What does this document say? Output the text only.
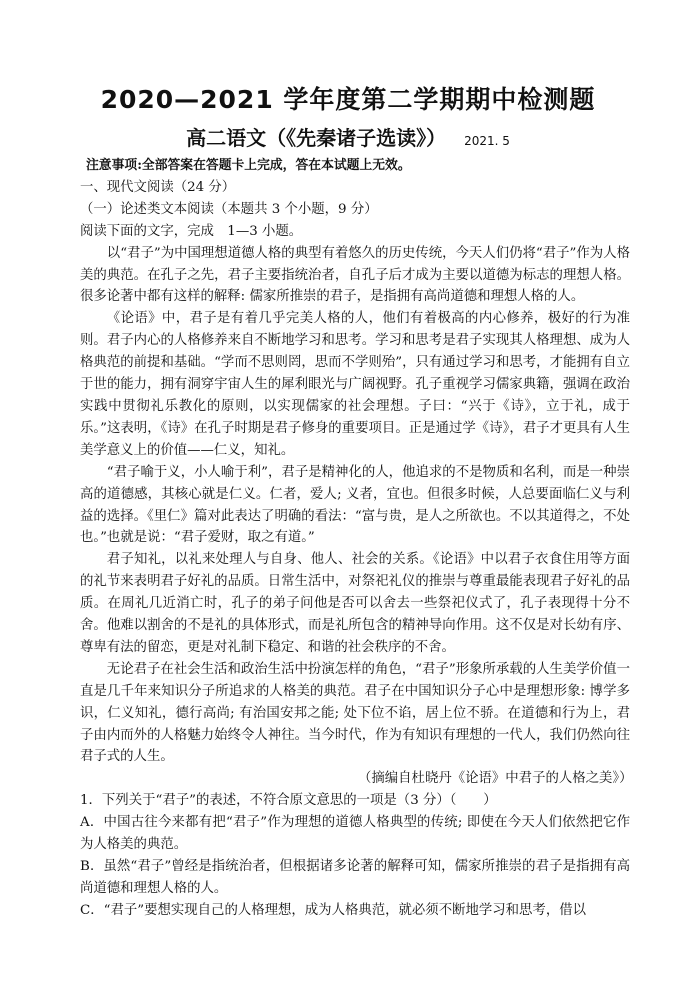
2020—2021 学年度第二学期期中检测题
高二语文（《先秦诸子选读》） 2021. 5

注意事项:全部答案在答题卡上完成，答在本试题上无效。

一、现代文阅读（24 分）

（一）论述类文本阅读（本题共 3 个小题，9 分）

阅读下面的文字，完成　1—3 小题。

以“君子”为中国理想道德人格的典型有着悠久的历史传统，今天人们仍将“君子”作为人格美的典范。在孔子之先，君子主要指统治者，自孔子后才成为主要以道德为标志的理想人格。很多论著中都有这样的解释: 儒家所推崇的君子，是指拥有高尚道德和理想人格的人。

《论语》中，君子是有着几乎完美人格的人，他们有着极高的内心修养，极好的行为准则。君子内心的人格修养来自不断地学习和思考。学习和思考是君子实现其人格理想、成为人格典范的前提和基础。“学而不思则罔，思而不学则殆”，只有通过学习和思考，才能拥有自立于世的能力，拥有洞穿宇宙人生的犀利眼光与广阔视野。孔子重视学习儒家典籍，强调在政治实践中贯彻礼乐教化的原则，以实现儒家的社会理想。子曰：“兴于《诗》，立于礼，成于乐。”这表明，《诗》在孔子时期是君子修身的重要项目。正是通过学《诗》，君子才更具有人生美学意义上的价值——仁义，知礼。

“君子喻于义，小人喻于利”，君子是精神化的人，他追求的不是物质和名利，而是一种崇高的道德感，其核心就是仁义。仁者，爱人; 义者，宜也。但很多时候，人总要面临仁义与利益的选择。《里仁》篇对此表达了明确的看法：“富与贵，是人之所欲也。不以其道得之，不处也。”也就是说：“君子爱财，取之有道。”

君子知礼，以礼来处理人与自身、他人、社会的关系。《论语》中以君子衣食住用等方面的礼节来表明君子好礼的品质。日常生活中，对祭祀礼仪的推崇与尊重最能表现君子好礼的品质。在周礼几近消亡时，孔子的弟子问他是否可以舍去一些祭祀仪式了，孔子表现得十分不舍。他难以割舍的不是礼的具体形式，而是礼所包含的精神导向作用。这不仅是对长幼有序、尊卑有法的留恋，更是对礼制下稳定、和谐的社会秩序的不舍。

无论君子在社会生活和政治生活中扮演怎样的角色，“君子”形象所承载的人生美学价值一直是几千年来知识分子所追求的人格美的典范。君子在中国知识分子心中是理想形象: 博学多识，仁义知礼，德行高尚; 有治国安邦之能; 处下位不谄，居上位不骄。在道德和行为上，君子由内而外的人格魅力始终令人神往。当今时代，作为有知识有理想的一代人，我们仍然向往君子式的人生。

（摘编自杜晓丹《论语》中君子的人格之美》）

1．下列关于“君子”的表述，不符合原文意思的一项是（3 分）（　　）

A．中国古往今来都有把“君子”作为理想的道德人格典型的传统; 即使在今天人们依然把它作为人格美的典范。

B．虽然“君子”曾经是指统治者，但根据诸多论著的解释可知，儒家所推崇的君子是指拥有高尚道德和理想人格的人。

C．“君子”要想实现自己的人格理想，成为人格典范，就必须不断地学习和思考，借以
